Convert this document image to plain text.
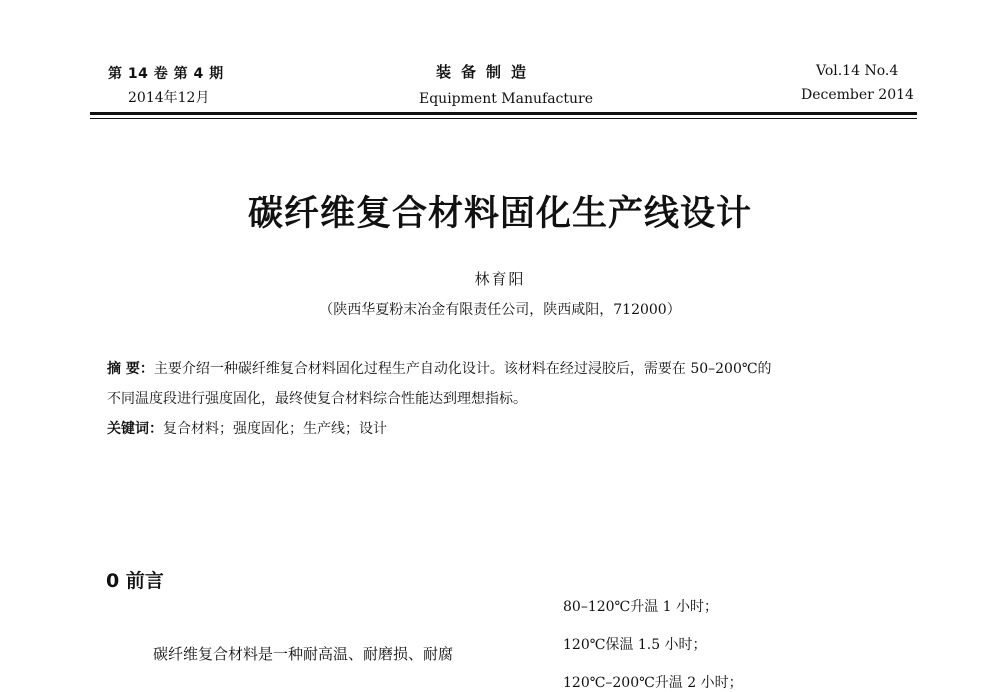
第 14 卷 第 4 期
2014年12月
装备制造
Equipment Manufacture
Vol.14 No.4
December 2014
碳纤维复合材料固化生产线设计
林育阳
（陕西华夏粉末冶金有限责任公司，陕西咸阳，712000）
摘 要：主要介绍一种碳纤维复合材料固化过程生产自动化设计。该材料在经过浸胶后，需要在 50–200℃的
不同温度段进行强度固化，最终使复合材料综合性能达到理想指标。
关键词：复合材料；强度固化；生产线；设计
0 前言
80–120℃升温 1 小时；
碳纤维复合材料是一种耐高温、耐磨损、耐腐	120℃保温 1.5 小时；
120℃–200℃升温 2 小时；
